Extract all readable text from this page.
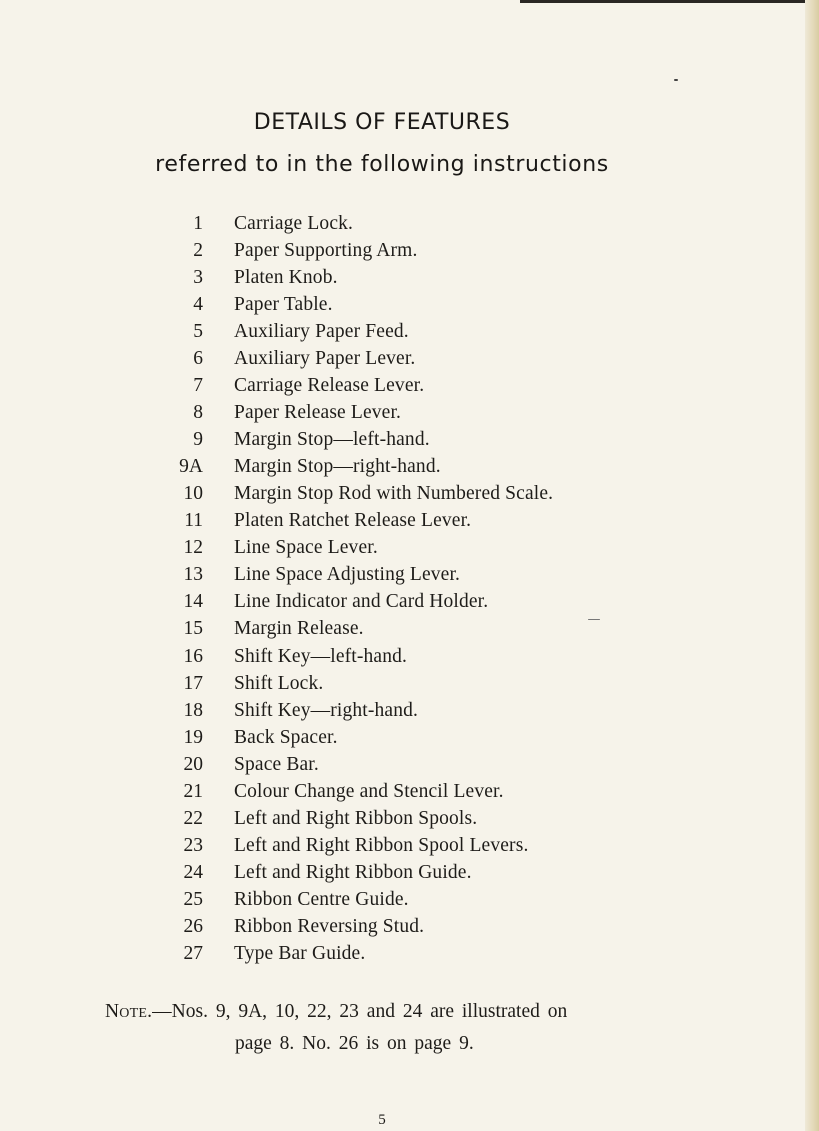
DETAILS OF FEATURES
referred to in the following instructions
1	Carriage Lock.
2	Paper Supporting Arm.
3	Platen Knob.
4	Paper Table.
5	Auxiliary Paper Feed.
6	Auxiliary Paper Lever.
7	Carriage Release Lever.
8	Paper Release Lever.
9	Margin Stop—left-hand.
9A	Margin Stop—right-hand.
10	Margin Stop Rod with Numbered Scale.
11	Platen Ratchet Release Lever.
12	Line Space Lever.
13	Line Space Adjusting Lever.
14	Line Indicator and Card Holder.
15	Margin Release.
16	Shift Key—left-hand.
17	Shift Lock.
18	Shift Key—right-hand.
19	Back Spacer.
20	Space Bar.
21	Colour Change and Stencil Lever.
22	Left and Right Ribbon Spools.
23	Left and Right Ribbon Spool Levers.
24	Left and Right Ribbon Guide.
25	Ribbon Centre Guide.
26	Ribbon Reversing Stud.
27	Type Bar Guide.
Note.—Nos. 9, 9A, 10, 22, 23 and 24 are illustrated on
page 8. No. 26 is on page 9.
5
